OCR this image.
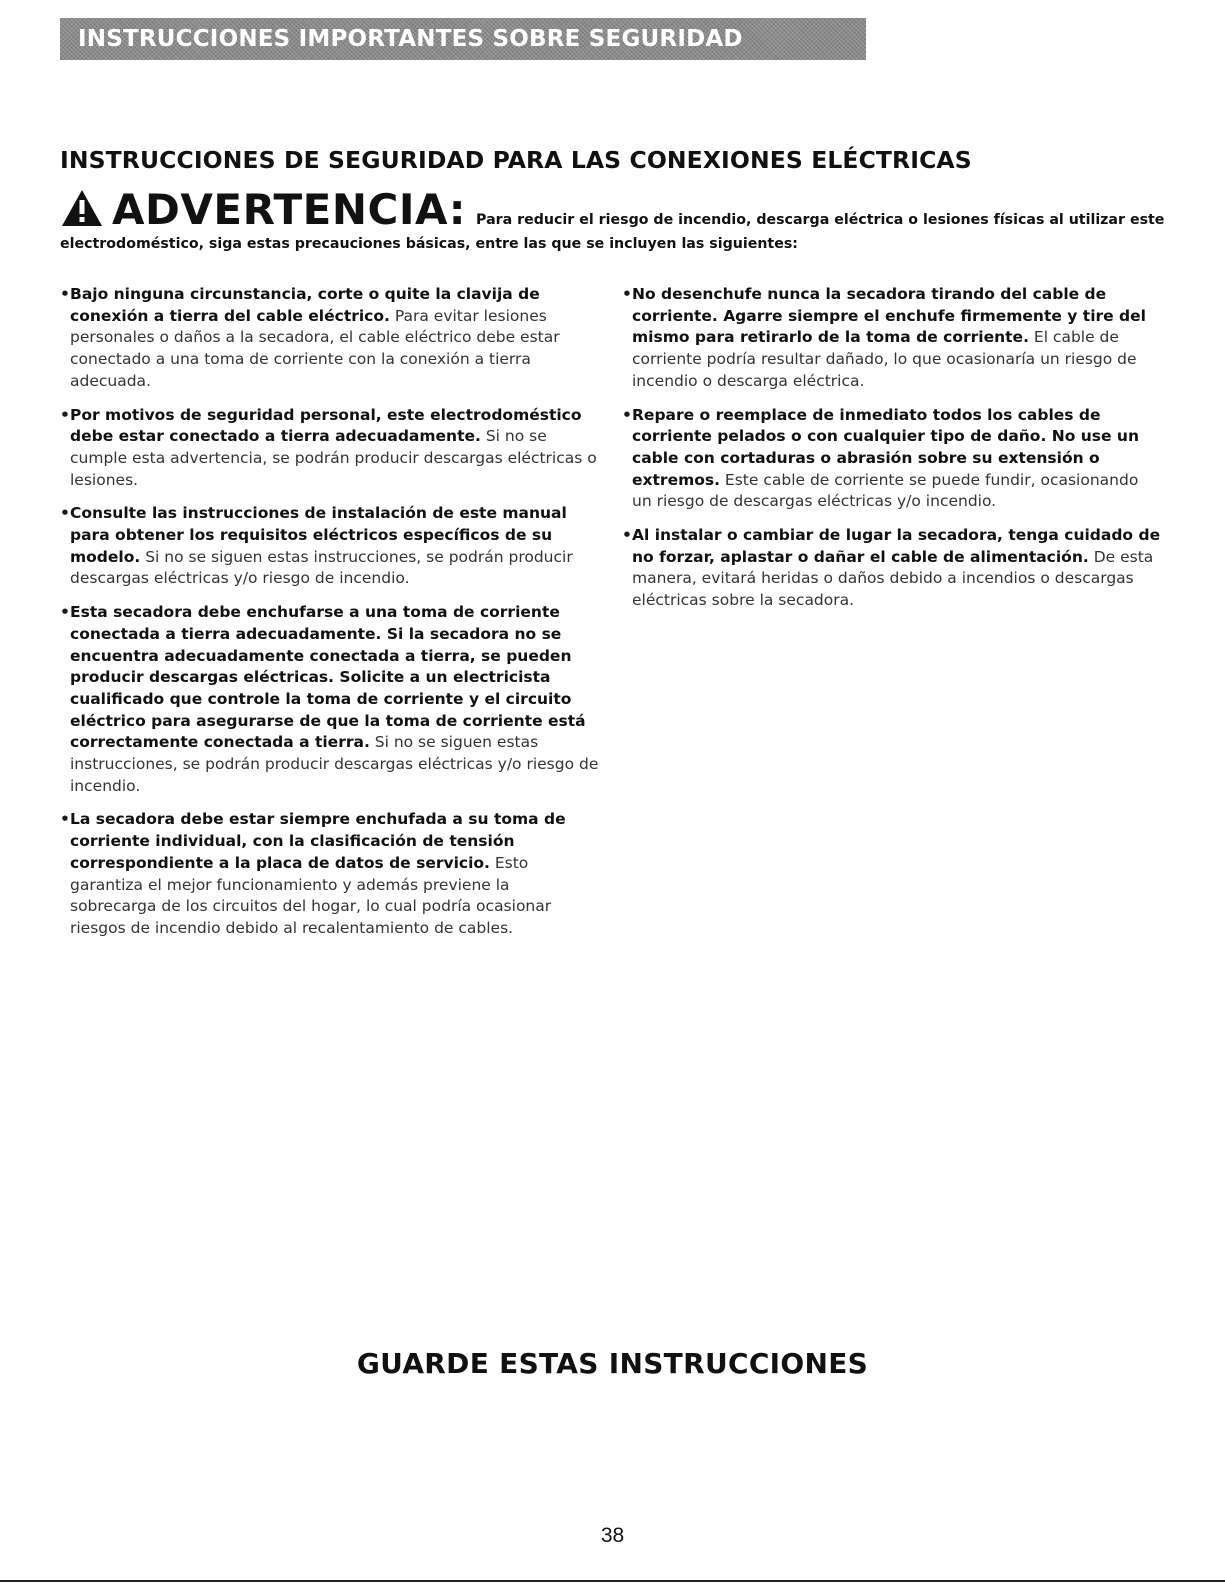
INSTRUCCIONES IMPORTANTES SOBRE SEGURIDAD
INSTRUCCIONES DE SEGURIDAD PARA LAS CONEXIONES ELÉCTRICAS
ADVERTENCIA: Para reducir el riesgo de incendio, descarga eléctrica o lesiones físicas al utilizar este
electrodoméstico, siga estas precauciones básicas, entre las que se incluyen las siguientes:
• Bajo ninguna circunstancia, corte o quite la clavija de conexión a tierra del cable eléctrico. Para evitar lesiones personales o daños a la secadora, el cable eléctrico debe estar conectado a una toma de corriente con la conexión a tierra adecuada.
• Por motivos de seguridad personal, este electrodoméstico debe estar conectado a tierra adecuadamente. Si no se cumple esta advertencia, se podrán producir descargas eléctricas o lesiones.
• Consulte las instrucciones de instalación de este manual para obtener los requisitos eléctricos específicos de su modelo. Si no se siguen estas instrucciones, se podrán producir descargas eléctricas y/o riesgo de incendio.
• Esta secadora debe enchufarse a una toma de corriente conectada a tierra adecuadamente. Si la secadora no se encuentra adecuadamente conectada a tierra, se pueden producir descargas eléctricas. Solicite a un electricista cualificado que controle la toma de corriente y el circuito eléctrico para asegurarse de que la toma de corriente está correctamente conectada a tierra. Si no se siguen estas instrucciones, se podrán producir descargas eléctricas y/o riesgo de incendio.
• La secadora debe estar siempre enchufada a su toma de corriente individual, con la clasificación de tensión correspondiente a la placa de datos de servicio. Esto garantiza el mejor funcionamiento y además previene la sobrecarga de los circuitos del hogar, lo cual podría ocasionar riesgos de incendio debido al recalentamiento de cables.
• No desenchufe nunca la secadora tirando del cable de corriente. Agarre siempre el enchufe firmemente y tire del mismo para retirarlo de la toma de corriente. El cable de corriente podría resultar dañado, lo que ocasionaría un riesgo de incendio o descarga eléctrica.
• Repare o reemplace de inmediato todos los cables de corriente pelados o con cualquier tipo de daño. No use un cable con cortaduras o abrasión sobre su extensión o extremos. Este cable de corriente se puede fundir, ocasionando un riesgo de descargas eléctricas y/o incendio.
• Al instalar o cambiar de lugar la secadora, tenga cuidado de no forzar, aplastar o dañar el cable de alimentación. De esta manera, evitará heridas o daños debido a incendios o descargas eléctricas sobre la secadora.
GUARDE ESTAS INSTRUCCIONES
38
